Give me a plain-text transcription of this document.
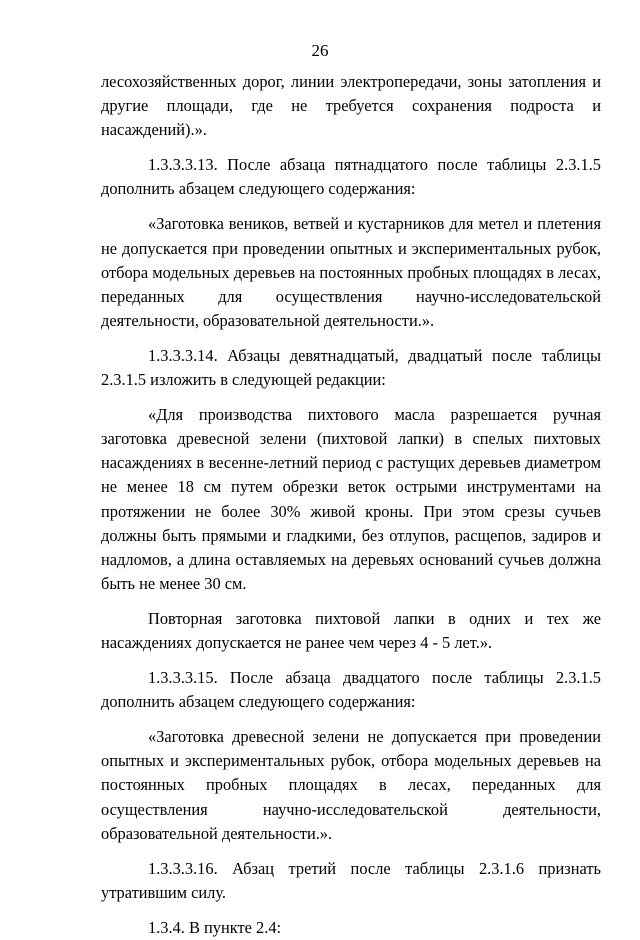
26

лесохозяйственных дорог, линии электропередачи, зоны затопления и другие площади, где не требуется сохранения подроста и насаждений).».

1.3.3.3.13. После абзаца пятнадцатого после таблицы 2.3.1.5 дополнить абзацем следующего содержания:

«Заготовка веников, ветвей и кустарников для метел и плетения не допускается при проведении опытных и экспериментальных рубок, отбора модельных деревьев на постоянных пробных площадях в лесах, переданных для осуществления научно-исследовательской деятельности, образовательной деятельности.».

1.3.3.3.14. Абзацы девятнадцатый, двадцатый после таблицы 2.3.1.5 изложить в следующей редакции:

«Для производства пихтового масла разрешается ручная заготовка древесной зелени (пихтовой лапки) в спелых пихтовых насаждениях в весенне-летний период с растущих деревьев диаметром не менее 18 см путем обрезки веток острыми инструментами на протяжении не более 30% живой кроны. При этом срезы сучьев должны быть прямыми и гладкими, без отлупов, расщепов, задиров и надломов, а длина оставляемых на деревьях оснований сучьев должна быть не менее 30 см.

Повторная заготовка пихтовой лапки в одних и тех же насаждениях допускается не ранее чем через 4 - 5 лет.».

1.3.3.3.15. После абзаца двадцатого после таблицы 2.3.1.5 дополнить абзацем следующего содержания:

«Заготовка древесной зелени не допускается при проведении опытных и экспериментальных рубок, отбора модельных деревьев на постоянных пробных площадях в лесах, переданных для осуществления научно-исследовательской деятельности, образовательной деятельности.».

1.3.3.3.16. Абзац третий после таблицы 2.3.1.6 признать утратившим силу.

1.3.4. В пункте 2.4:
